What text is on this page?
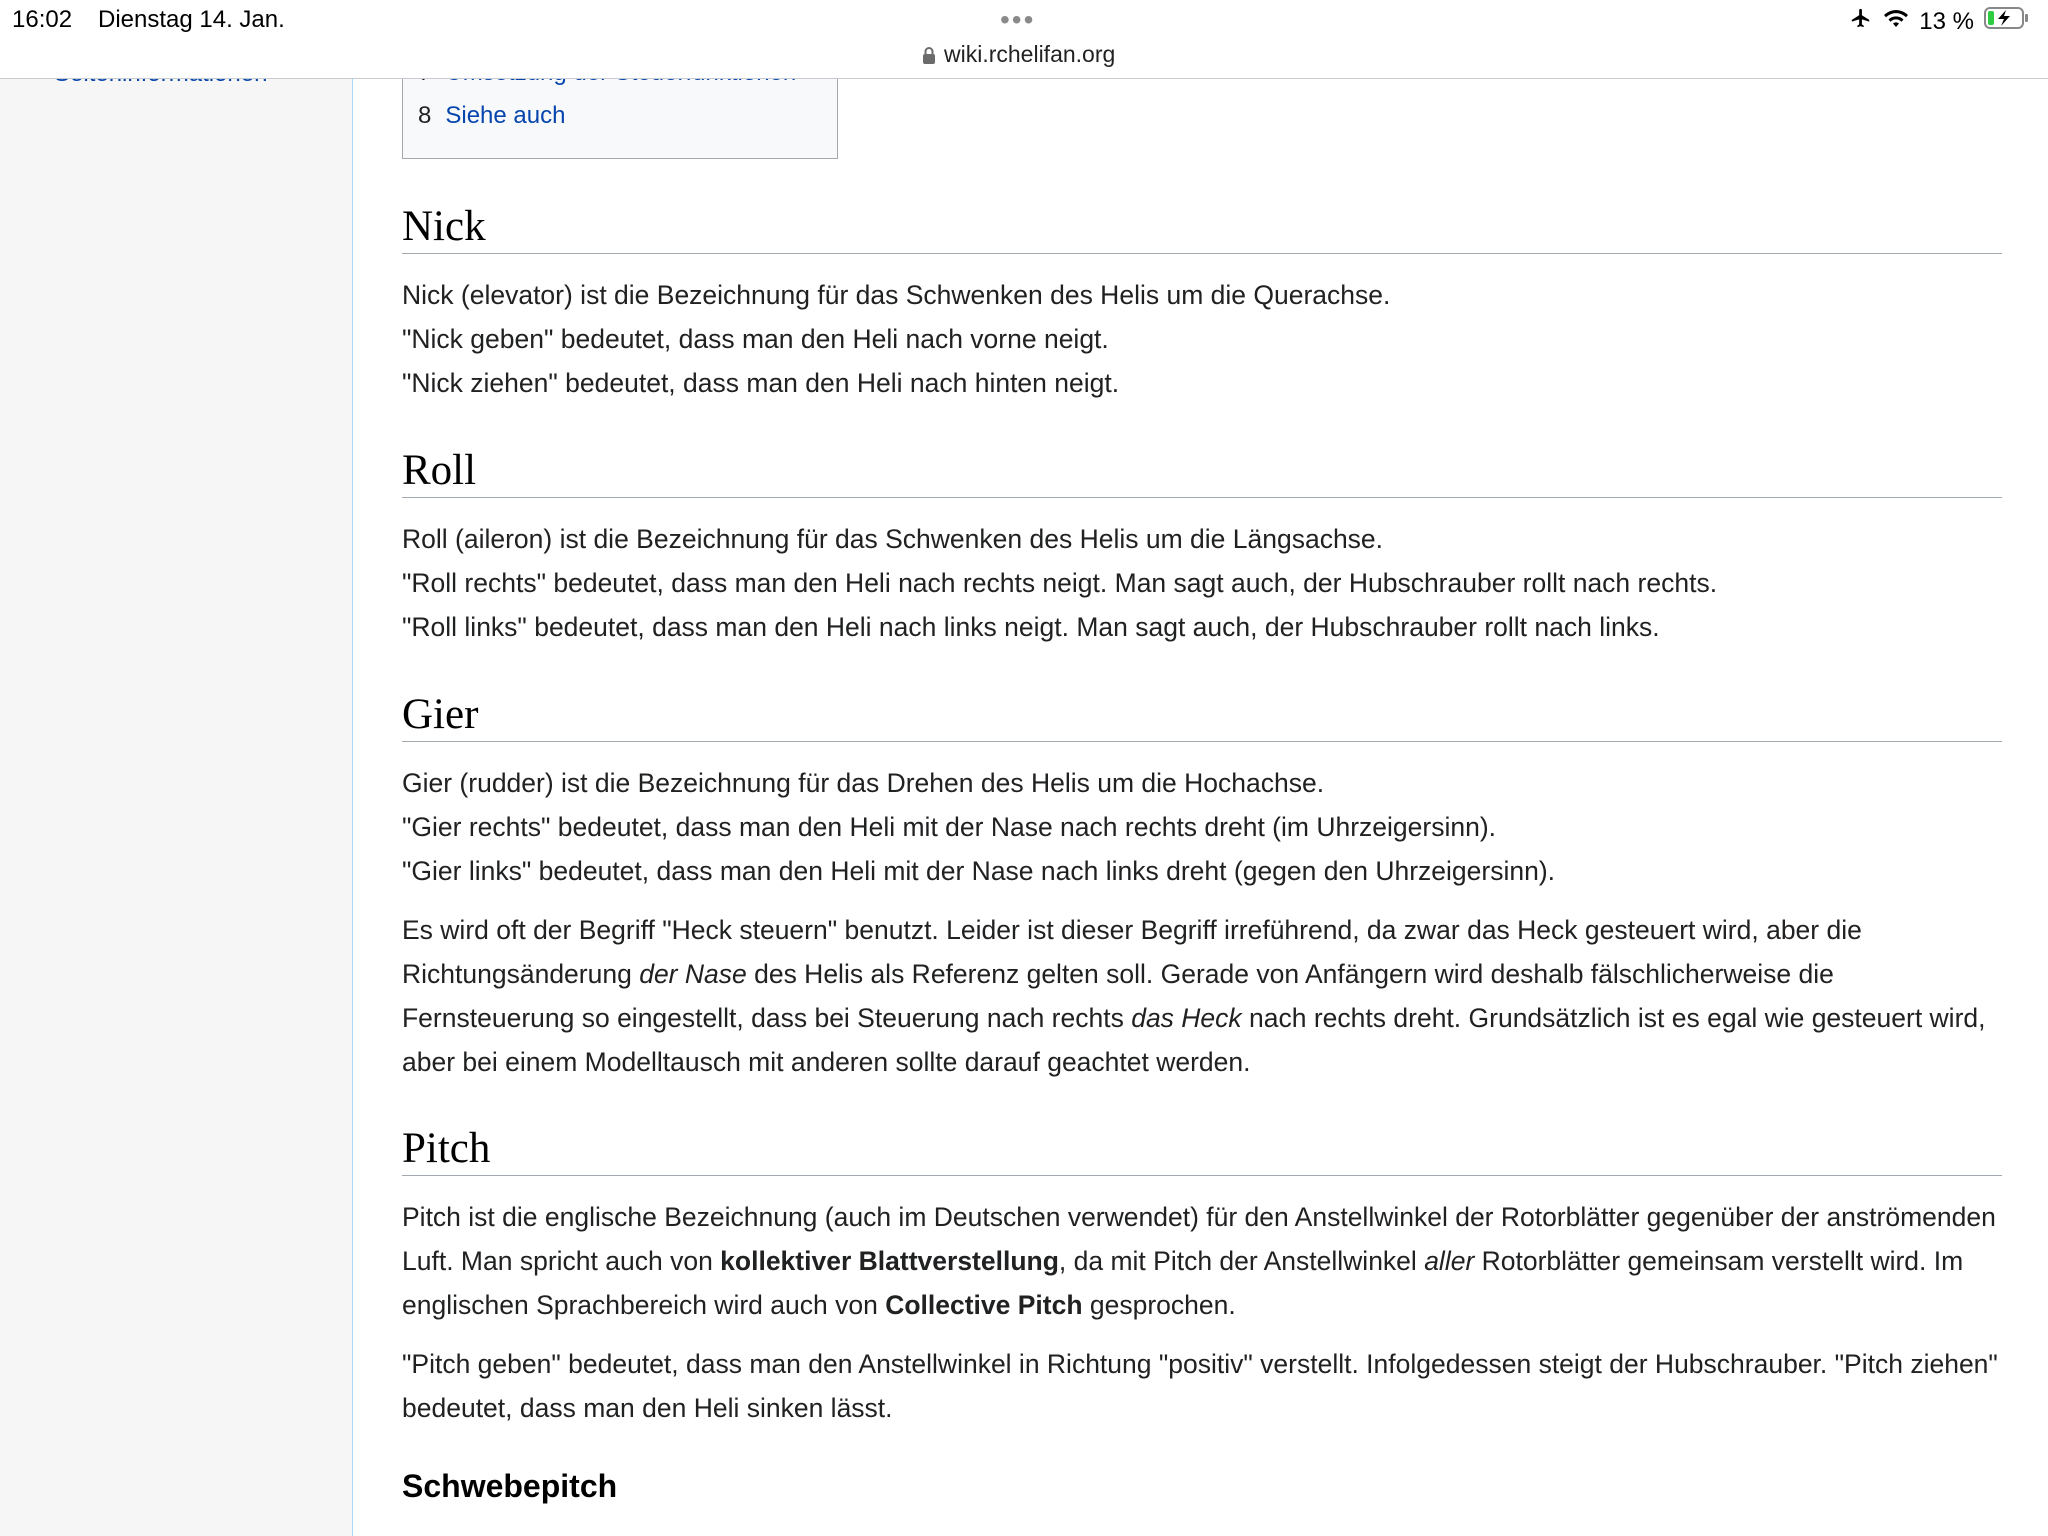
8 Siehe auch
Nick

Nick (elevator) ist die Bezeichnung für das Schwenken des Helis um die Querachse.

"Nick geben" bedeutet, dass man den Heli nach vorne neigt.

"Nick ziehen" bedeutet, dass man den Heli nach hinten neigt.

Roll

Roll (aileron) ist die Bezeichnung für das Schwenken des Helis um die Längsachse.

"Roll rechts" bedeutet, dass man den Heli nach rechts neigt. Man sagt auch, der Hubschrauber rollt nach rechts.

"Roll links" bedeutet, dass man den Heli nach links neigt. Man sagt auch, der Hubschrauber rollt nach links.

Gier

Gier (rudder) ist die Bezeichnung für das Drehen des Helis um die Hochachse.

"Gier rechts" bedeutet, dass man den Heli mit der Nase nach rechts dreht (im Uhrzeigersinn).

"Gier links" bedeutet, dass man den Heli mit der Nase nach links dreht (gegen den Uhrzeigersinn).

Es wird oft der Begriff "Heck steuern" benutzt. Leider ist dieser Begriff irreführend, da zwar das Heck gesteuert wird, aber die Richtungsänderung der Nase des Helis als Referenz gelten soll. Gerade von Anfängern wird deshalb fälschlicherweise die Fernsteuerung so eingestellt, dass bei Steuerung nach rechts das Heck nach rechts dreht. Grundsätzlich ist es egal wie gesteuert wird, aber bei einem Modelltausch mit anderen sollte darauf geachtet werden.

Pitch

Pitch ist die englische Bezeichnung (auch im Deutschen verwendet) für den Anstellwinkel der Rotorblätter gegenüber der anströmenden Luft. Man spricht auch von kollektiver Blattverstellung, da mit Pitch der Anstellwinkel aller Rotorblätter gemeinsam verstellt wird. Im englischen Sprachbereich wird auch von Collective Pitch gesprochen.

"Pitch geben" bedeutet, dass man den Anstellwinkel in Richtung "positiv" verstellt. Infolgedessen steigt der Hubschrauber. "Pitch ziehen" bedeutet, dass man den Heli sinken lässt.

Schwebepitch
16:02 Dienstag 14. Jan.	•••
wiki.rchelifan.org
13 %
